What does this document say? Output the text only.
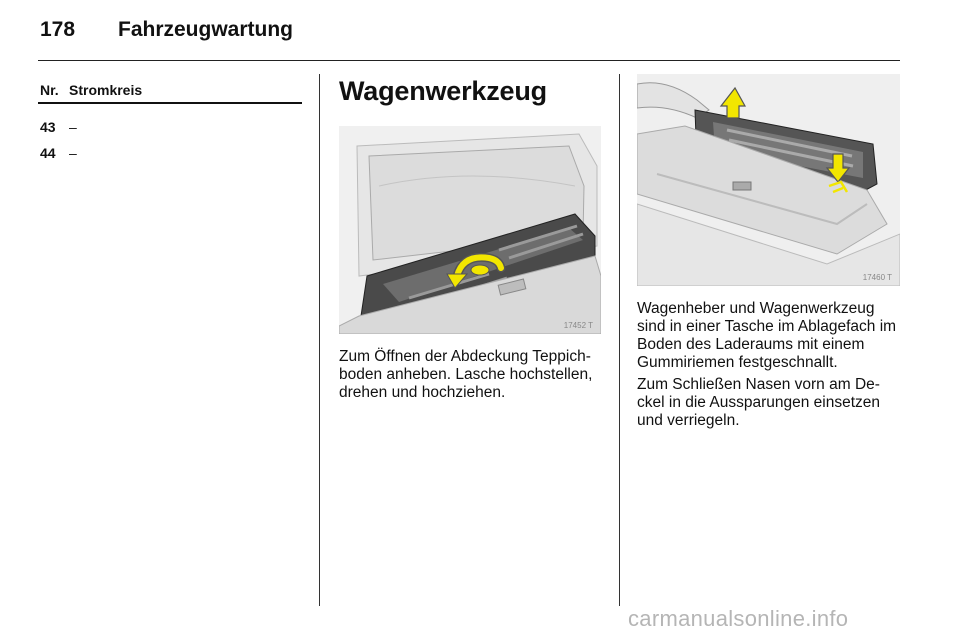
178	Fahrzeugwartung
Nr. Stromkreis
43 –
44 –
Wagenwerkzeug
17452 T
17460 T

Zum Öffnen der Abdeckung Teppich-boden anheben. Lasche hochstellen, drehen und hochziehen.

Wagenheber und Wagenwerkzeug sind in einer Tasche im Ablagefach im Boden des Laderaums mit einem Gummiriemen festgeschnallt.

Zum Schließen Nasen vorn am De-ckel in die Aussparungen einsetzen und verriegeln.

carmanualsonline.info
